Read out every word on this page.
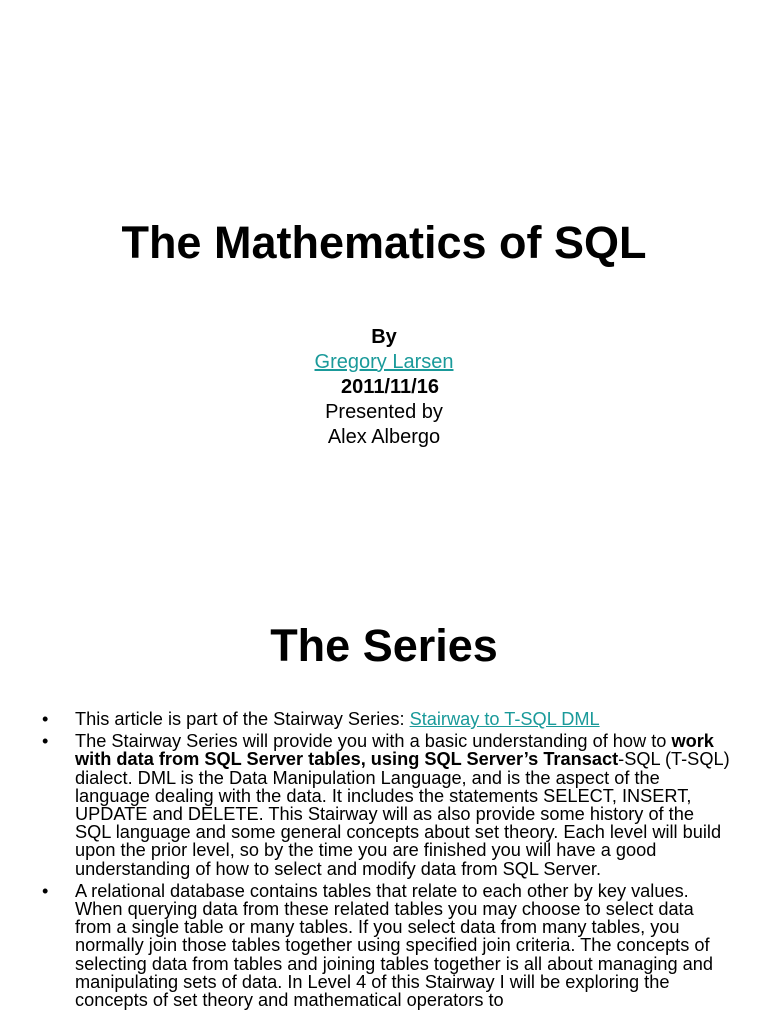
The Mathematics of SQL
By
Gregory Larsen
2011/11/16
Presented by
Alex Albergo
The Series
• This article is part of the Stairway Series: Stairway to T-SQL DML
• The Stairway Series will provide you with a basic understanding of how to work with data from SQL Server tables, using SQL Server’s Transact-SQL (T-SQL) dialect. DML is the Data Manipulation Language, and is the aspect of the language dealing with the data. It includes the statements SELECT, INSERT, UPDATE and DELETE. This Stairway will as also provide some history of the SQL language and some general concepts about set theory. Each level will build upon the prior level, so by the time you are finished you will have a good understanding of how to select and modify data from SQL Server.
• A relational database contains tables that relate to each other by key values. When querying data from these related tables you may choose to select data from a single table or many tables. If you select data from many tables, you normally join those tables together using specified join criteria. The concepts of selecting data from tables and joining tables together is all about managing and manipulating sets of data. In Level 4 of this Stairway I will be exploring the concepts of set theory and mathematical operators to
